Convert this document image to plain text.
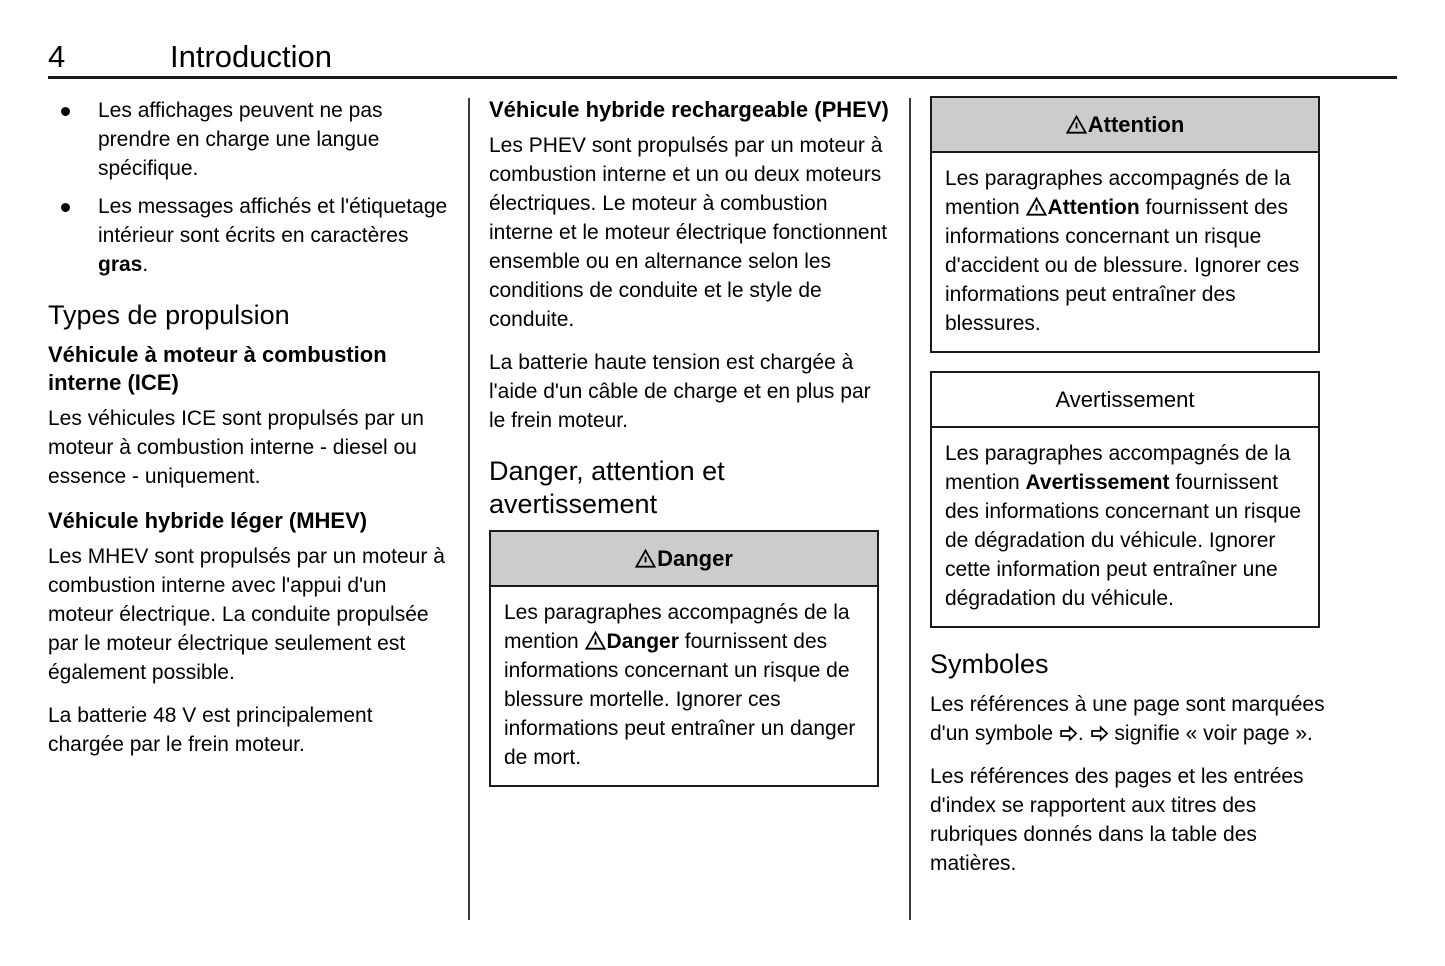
4	Introduction
Les affichages peuvent ne pas prendre en charge une langue spécifique.
Les messages affichés et l'étiquetage intérieur sont écrits en caractères gras.
Types de propulsion
Véhicule à moteur à combustion interne (ICE)

Les véhicules ICE sont propulsés par un moteur à combustion interne - diesel ou essence - uniquement.

Véhicule hybride léger (MHEV)

Les MHEV sont propulsés par un moteur à combustion interne avec l'appui d'un moteur électrique. La conduite propulsée par le moteur électrique seulement est également possible.

La batterie 48 V est principalement chargée par le frein moteur.

Véhicule hybride rechargeable (PHEV)

Les PHEV sont propulsés par un moteur à combustion interne et un ou deux moteurs électriques. Le moteur à combustion interne et le moteur électrique fonctionnent ensemble ou en alternance selon les conditions de conduite et le style de conduite.

La batterie haute tension est chargée à l'aide d'un câble de charge et en plus par le frein moteur.

Danger, attention et avertissement
Danger
Les paragraphes accompagnés de la mention
Danger fournissent des informations concernant un risque de blessure mortelle. Ignorer ces informations peut entraîner un danger de mort.
Attention
Les paragraphes accompagnés de la mention
Attention fournissent des informations concernant un risque d'accident ou de blessure. Ignorer ces informations peut entraîner des blessures.
Avertissement
Les paragraphes accompagnés de la mention Avertissement fournissent des informations concernant un risque de dégradation du véhicule. Ignorer cette information peut entraîner une dégradation du véhicule.
Symboles

Les références à une page sont marquées d'un symbole
.
signifie « voir page ».

Les références des pages et les entrées d'index se rapportent aux titres des rubriques donnés dans la table des matières.
